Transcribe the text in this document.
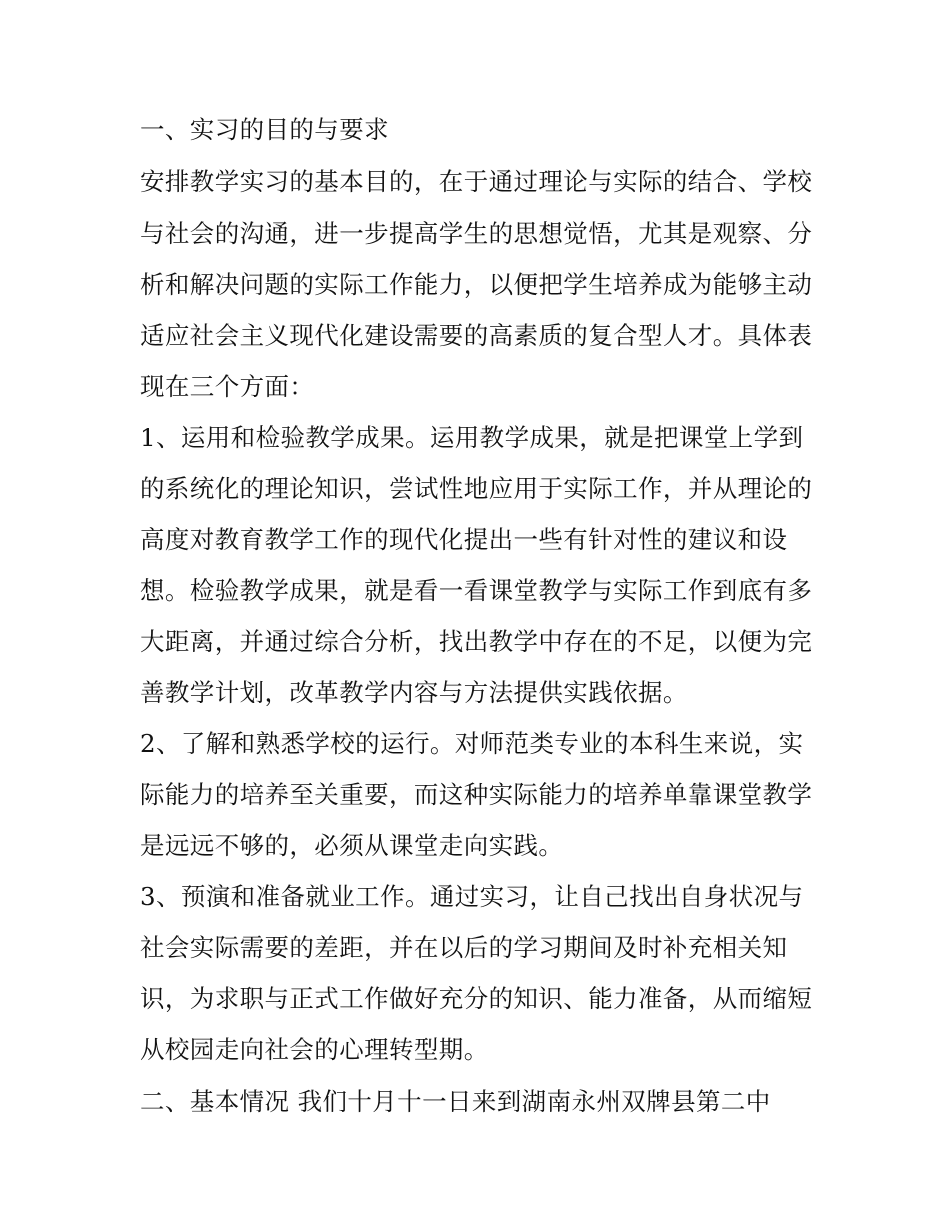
一、实习的目的与要求

安排教学实习的基本目的，在于通过理论与实际的结合、学校

与社会的沟通，进一步提高学生的思想觉悟，尤其是观察、分

析和解决问题的实际工作能力，以便把学生培养成为能够主动

适应社会主义现代化建设需要的高素质的复合型人才。具体表

现在三个方面：

1、运用和检验教学成果。运用教学成果，就是把课堂上学到

的系统化的理论知识，尝试性地应用于实际工作，并从理论的

高度对教育教学工作的现代化提出一些有针对性的建议和设

想。检验教学成果，就是看一看课堂教学与实际工作到底有多

大距离，并通过综合分析，找出教学中存在的不足，以便为完

善教学计划，改革教学内容与方法提供实践依据。

2、了解和熟悉学校的运行。对师范类专业的本科生来说，实

际能力的培养至关重要，而这种实际能力的培养单靠课堂教学

是远远不够的，必须从课堂走向实践。

3、预演和准备就业工作。通过实习，让自己找出自身状况与

社会实际需要的差距，并在以后的学习期间及时补充相关知

识，为求职与正式工作做好充分的知识、能力准备，从而缩短

从校园走向社会的心理转型期。

二、基本情况 我们十月十一日来到湖南永州双牌县第二中
